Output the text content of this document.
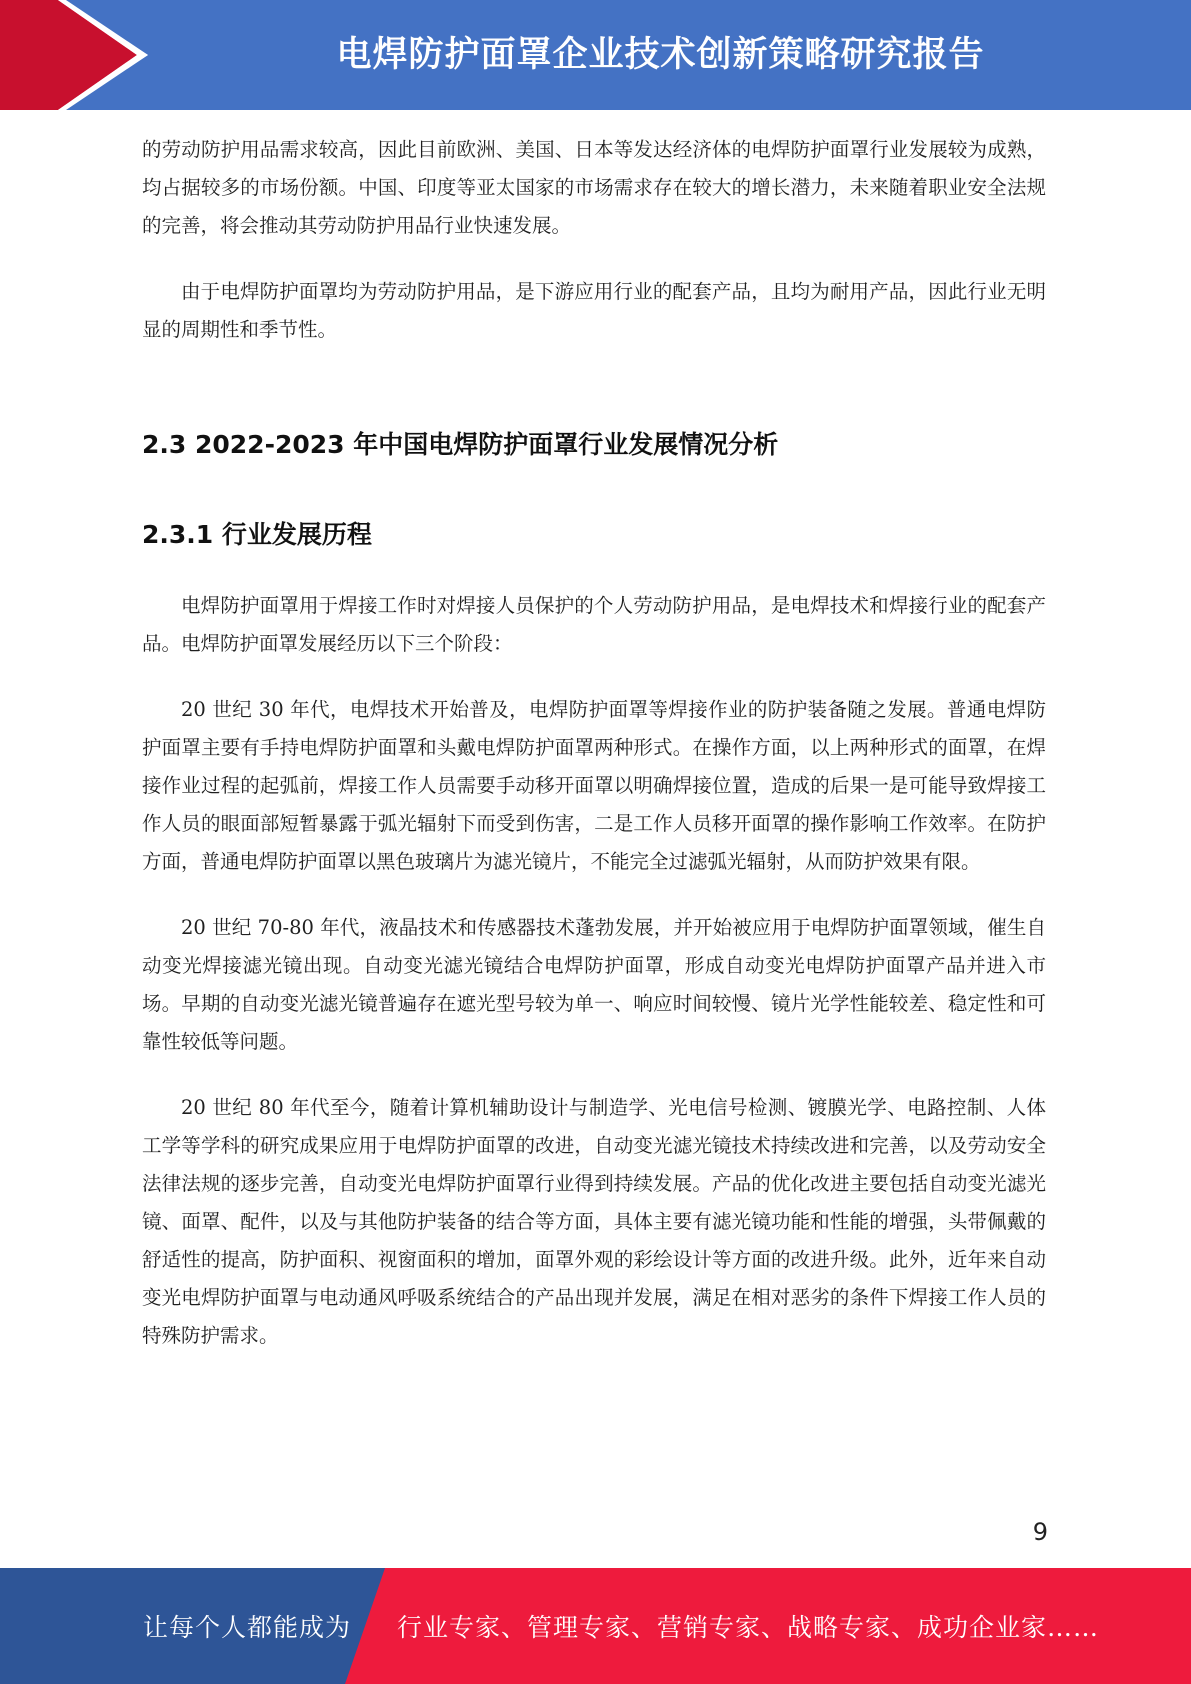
电焊防护面罩企业技术创新策略研究报告

的劳动防护用品需求较高，因此目前欧洲、美国、日本等发达经济体的电焊防护面罩行业发展较为成熟，均占据较多的市场份额。中国、印度等亚太国家的市场需求存在较大的增长潜力，未来随着职业安全法规的完善，将会推动其劳动防护用品行业快速发展。

由于电焊防护面罩均为劳动防护用品，是下游应用行业的配套产品，且均为耐用产品，因此行业无明显的周期性和季节性。

2.3 2022-2023 年中国电焊防护面罩行业发展情况分析
2.3.1 行业发展历程

电焊防护面罩用于焊接工作时对焊接人员保护的个人劳动防护用品，是电焊技术和焊接行业的配套产品。电焊防护面罩发展经历以下三个阶段：

20 世纪 30 年代，电焊技术开始普及，电焊防护面罩等焊接作业的防护装备随之发展。普通电焊防护面罩主要有手持电焊防护面罩和头戴电焊防护面罩两种形式。在操作方面，以上两种形式的面罩，在焊接作业过程的起弧前，焊接工作人员需要手动移开面罩以明确焊接位置，造成的后果一是可能导致焊接工作人员的眼面部短暂暴露于弧光辐射下而受到伤害，二是工作人员移开面罩的操作影响工作效率。在防护方面，普通电焊防护面罩以黑色玻璃片为滤光镜片，不能完全过滤弧光辐射，从而防护效果有限。

20 世纪 70-80 年代，液晶技术和传感器技术蓬勃发展，并开始被应用于电焊防护面罩领域，催生自动变光焊接滤光镜出现。自动变光滤光镜结合电焊防护面罩，形成自动变光电焊防护面罩产品并进入市场。早期的自动变光滤光镜普遍存在遮光型号较为单一、响应时间较慢、镜片光学性能较差、稳定性和可靠性较低等问题。

20 世纪 80 年代至今，随着计算机辅助设计与制造学、光电信号检测、镀膜光学、电路控制、人体工学等学科的研究成果应用于电焊防护面罩的改进，自动变光滤光镜技术持续改进和完善，以及劳动安全法律法规的逐步完善，自动变光电焊防护面罩行业得到持续发展。产品的优化改进主要包括自动变光滤光镜、面罩、配件，以及与其他防护装备的结合等方面，具体主要有滤光镜功能和性能的增强，头带佩戴的舒适性的提高，防护面积、视窗面积的增加，面罩外观的彩绘设计等方面的改进升级。此外，近年来自动变光电焊防护面罩与电动通风呼吸系统结合的产品出现并发展，满足在相对恶劣的条件下焊接工作人员的特殊防护需求。

9
让每个人都能成为 行业专家、管理专家、营销专家、战略专家、成功企业家……
